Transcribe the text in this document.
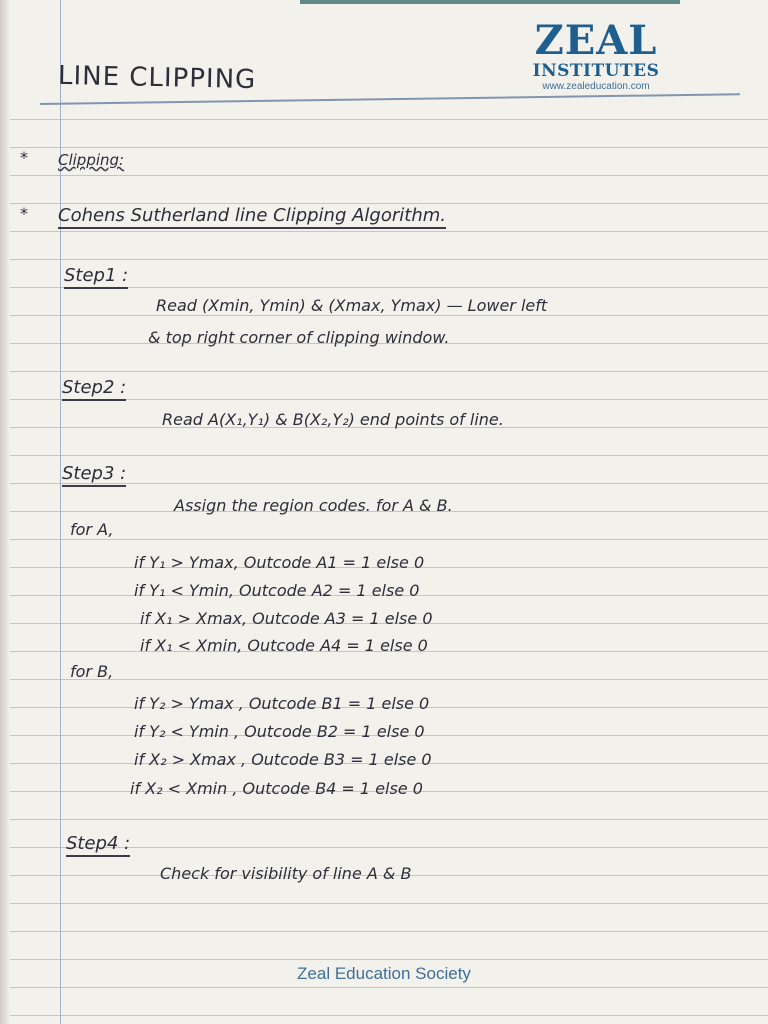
ZEAL
INSTITUTES
www.zealeducation.com
LINE CLIPPING
* Clipping:
* Cohens Sutherland line Clipping Algorithm.
Step1 :
Read (Xmin, Ymin) & (Xmax, Ymax) — Lower left
& top right corner of clipping window.
Step2 :
Read A(X₁,Y₁) & B(X₂,Y₂) end points of line.
Step3 :
Assign the region codes. for A & B.
for A,
if Y₁ > Ymax, Outcode A1 = 1 else 0
if Y₁ < Ymin, Outcode A2 = 1 else 0
if X₁ > Xmax, Outcode A3 = 1 else 0
if X₁ < Xmin, Outcode A4 = 1 else 0
for B,
if Y₂ > Ymax , Outcode B1 = 1 else 0
if Y₂ < Ymin , Outcode B2 = 1 else 0
if X₂ > Xmax , Outcode B3 = 1 else 0
if X₂ < Xmin , Outcode B4 = 1 else 0
Step4 :
Check for visibility of line A & B
Zeal Education Society
